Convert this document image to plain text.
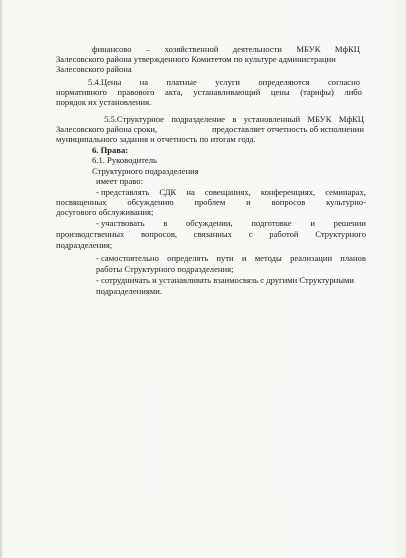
финансово – хозяйственной деятельности МБУК МфКЦ
Залесовского района утвержденного Комитетом по культуре администрации
Залесовского района
5.4.Цены на платные услуги определяются согласно
нормативного правового акта, устанавливающий цены (тарифы) либо
порядок их установления.
5.5.Структурное подразделение в установленный МБУК МфКЦ
Залесовского района сроки,	предоставляет отчетность об исполнении
муниципального задания и отчетность по итогам года.
6. Права:
6.1. Руководитель
Структурного подразделения
имеет право:
- представлять СДК на совещаниях, конференциях, семинарах,
посвященных обсуждению проблем и вопросов культурно-
досугового обслуживания;
- участвовать в обсуждении, подготовке и решении
производственных вопросов, связанных с работой Структурного
подразделения;
- самостоятельно определять пути и методы реализации планов
работы Структурного подразделения;
- сотрудничать и устанавливать взаимосвязь с другими Структурными
подразделениями.
